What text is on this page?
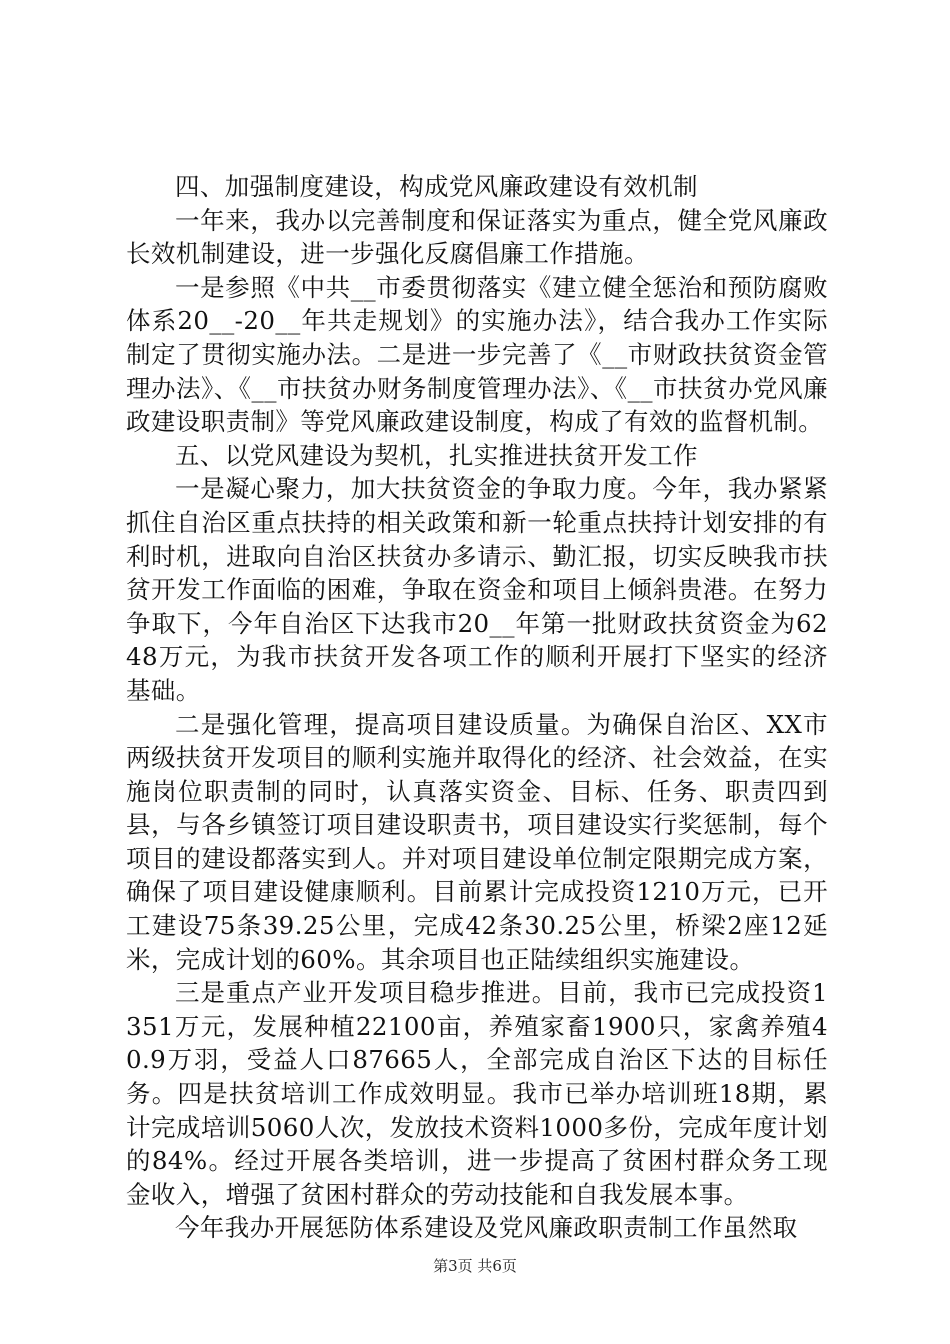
四、加强制度建设，构成党风廉政建设有效机制

一年来，我办以完善制度和保证落实为重点，健全党风廉政长效机制建设，进一步强化反腐倡廉工作措施。

一是参照《中共__市委贯彻落实《建立健全惩治和预防腐败体系20__-20__年共走规划》的实施办法》，结合我办工作实际制定了贯彻实施办法。二是进一步完善了《__市财政扶贫资金管理办法》、《__市扶贫办财务制度管理办法》、《__市扶贫办党风廉政建设职责制》等党风廉政建设制度，构成了有效的监督机制。

五、以党风建设为契机，扎实推进扶贫开发工作

一是凝心聚力，加大扶贫资金的争取力度。今年，我办紧紧抓住自治区重点扶持的相关政策和新一轮重点扶持计划安排的有利时机，进取向自治区扶贫办多请示、勤汇报，切实反映我市扶贫开发工作面临的困难，争取在资金和项目上倾斜贵港。在努力争取下，今年自治区下达我市20__年第一批财政扶贫资金为6248万元，为我市扶贫开发各项工作的顺利开展打下坚实的经济基础。

二是强化管理，提高项目建设质量。为确保自治区、XX市两级扶贫开发项目的顺利实施并取得化的经济、社会效益，在实施岗位职责制的同时，认真落实资金、目标、任务、职责四到县，与各乡镇签订项目建设职责书，项目建设实行奖惩制，每个项目的建设都落实到人。并对项目建设单位制定限期完成方案，确保了项目建设健康顺利。目前累计完成投资1210万元，已开工建设75条39.25公里，完成42条30.25公里，桥梁2座12延米，完成计划的60%。其余项目也正陆续组织实施建设。

三是重点产业开发项目稳步推进。目前，我市已完成投资1351万元，发展种植22100亩，养殖家畜1900只，家禽养殖40.9万羽，受益人口87665人，全部完成自治区下达的目标任务。四是扶贫培训工作成效明显。我市已举办培训班18期，累计完成培训5060人次，发放技术资料1000多份，完成年度计划的84%。经过开展各类培训，进一步提高了贫困村群众务工现金收入，增强了贫困村群众的劳动技能和自我发展本事。

今年我办开展惩防体系建设及党风廉政职责制工作虽然取

第3页 共6页
